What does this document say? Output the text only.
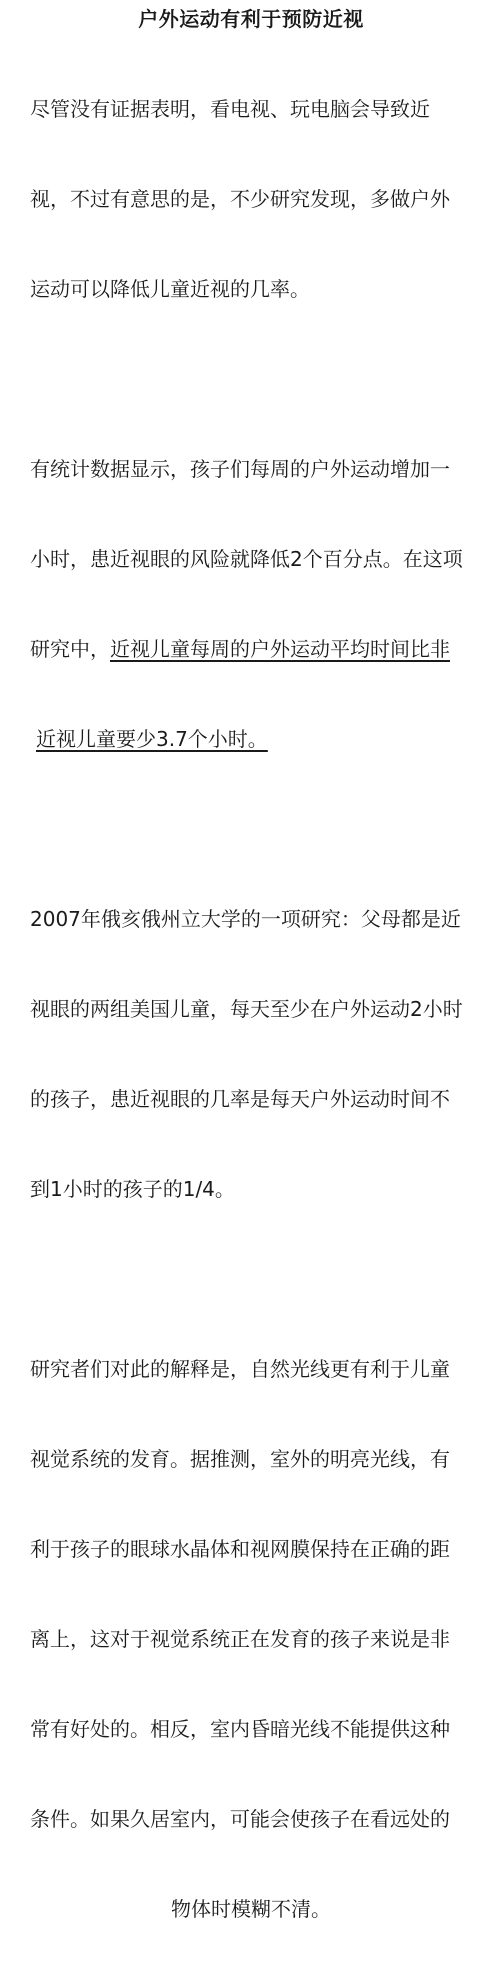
户外运动有利于预防近视

尽管没有证据表明，看电视、玩电脑会导致近

视，不过有意思的是，不少研究发现，多做户外

运动可以降低儿童近视的几率。

有统计数据显示，孩子们每周的户外运动增加一

小时，患近视眼的风险就降低2个百分点。在这项

研究中，近视儿童每周的户外运动平均时间比非

近视儿童要少3.7个小时。

2007年俄亥俄州立大学的一项研究：父母都是近

视眼的两组美国儿童，每天至少在户外运动2小时

的孩子，患近视眼的几率是每天户外运动时间不

到1小时的孩子的1/4。

研究者们对此的解释是，自然光线更有利于儿童

视觉系统的发育。据推测，室外的明亮光线，有

利于孩子的眼球水晶体和视网膜保持在正确的距

离上，这对于视觉系统正在发育的孩子来说是非

常有好处的。相反，室内昏暗光线不能提供这种

条件。如果久居室内，可能会使孩子在看远处的

物体时模糊不清。
